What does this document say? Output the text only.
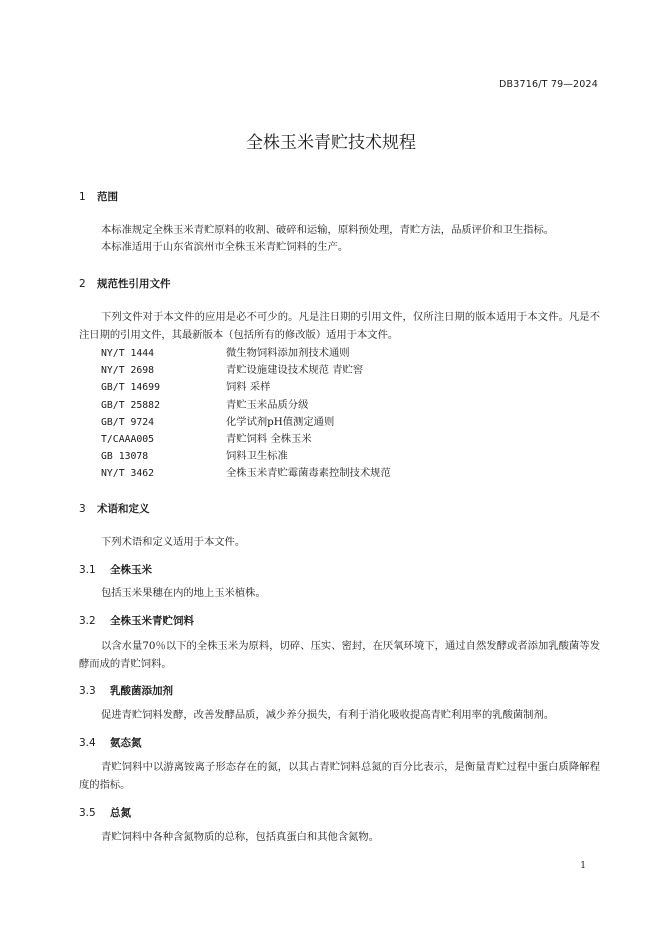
DB3716/T 79—2024
全株玉米青贮技术规程
1 范围
本标准规定全株玉米青贮原料的收割、破碎和运输，原料预处理，青贮方法，品质评价和卫生指标。
本标准适用于山东省滨州市全株玉米青贮饲料的生产。
2 规范性引用文件
下列文件对于本文件的应用是必不可少的。凡是注日期的引用文件，仅所注日期的版本适用于本文件。凡是不注日期的引用文件，其最新版本（包括所有的修改版）适用于本文件。
NY/T 1444	微生物饲料添加剂技术通则
NY/T 2698	青贮设施建设技术规范 青贮窖
GB/T 14699	饲料 采样
GB/T 25882	青贮玉米品质分级
GB/T 9724	化学试剂pH值测定通则
T/CAAA005	青贮饲料 全株玉米
GB 13078	饲料卫生标准
NY/T 3462	全株玉米青贮霉菌毒素控制技术规范
3 术语和定义
下列术语和定义适用于本文件。
3.1 全株玉米
包括玉米果穗在内的地上玉米植株。
3.2 全株玉米青贮饲料
以含水量70％以下的全株玉米为原料，切碎、压实、密封，在厌氧环境下，通过自然发酵或者添加乳酸菌等发酵而成的青贮饲料。
3.3 乳酸菌添加剂
促进青贮饲料发酵，改善发酵品质，减少养分损失，有利于消化吸收提高青贮利用率的乳酸菌制剂。
3.4 氨态氮
青贮饲料中以游离铵离子形态存在的氮，以其占青贮饲料总氮的百分比表示，是衡量青贮过程中蛋白质降解程度的指标。
3.5 总氮
青贮饲料中各种含氮物质的总称，包括真蛋白和其他含氮物。
1
